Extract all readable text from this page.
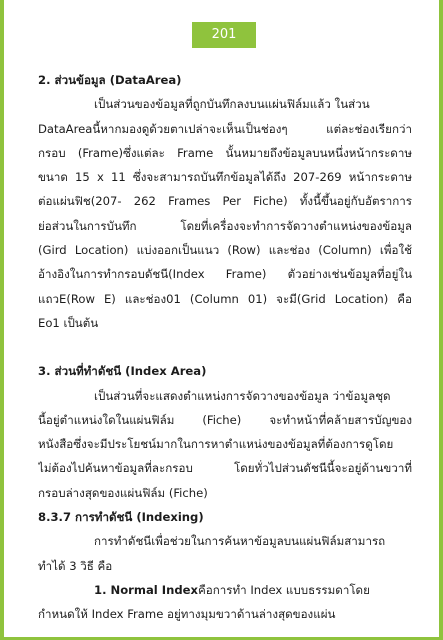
201

2. ส่วนข้อมูล (DataArea)

เป็นส่วนของข้อมูลที่ถูกบันทึกลงบนแผ่นฟิล์มแล้ว ในส่วน

DataAreaนี้หากมองดูด้วยตาเปล่าจะเห็นเป็นช่องๆ แต่ละช่องเรียกว่า

กรอบ (Frame)ซึ่งแต่ละ Frame นั้นหมายถึงข้อมูลบนหนึ่งหน้ากระดาษ

ขนาด 15 x 11 ซึ่งจะสามารถบันทึกข้อมูลได้ถึง 207-269 หน้ากระดาษ

ต่อแผ่นฟิช(207- 262 Frames Per Fiche) ทั้งนี้ขึ้นอยู่กับอัตราการ

ย่อส่วนในการบันทึก โดยที่เครื่องจะทำการจัดวางตำแหน่งของข้อมูล

(Gird Location) แบ่งออกเป็นแนว (Row) และช่อง (Column) เพื่อใช้

อ้างอิงในการทำกรอบดัชนี(Index Frame) ตัวอย่างเช่นข้อมูลที่อยู่ใน

แถวE(Row E) และช่อง01 (Column 01) จะมี(Grid Location) คือ

Eo1 เป็นต้น

3. ส่วนที่ทำดัชนี (Index Area)

เป็นส่วนที่จะแสดงตำแหน่งการจัดวางของข้อมูล ว่าข้อมูลชุด

นี้อยู่ตำแหน่งใดในแผ่นฟิล์ม (Fiche) จะทำหน้าที่คล้ายสารบัญของ

หนังสือซึ่งจะมีประโยชน์มากในการหาตำแหน่งของข้อมูลที่ต้องการดูโดย

ไม่ต้องไปค้นหาข้อมูลที่ละกรอบ โดยทั่วไปส่วนดัชนีนี้จะอยู่ด้านขวาที่

กรอบล่างสุดของแผ่นฟิล์ม (Fiche)

8.3.7 การทำดัชนี (Indexing)

การทำดัชนีเพื่อช่วยในการค้นหาข้อมูลบนแผ่นฟิล์มสามารถ

ทำได้ 3 วิธี คือ

1. Normal Indexคือการทำ Index แบบธรรมดาโดย

กำหนดให้ Index Frame อยู่ทางมุมขวาด้านล่างสุดของแผ่น
